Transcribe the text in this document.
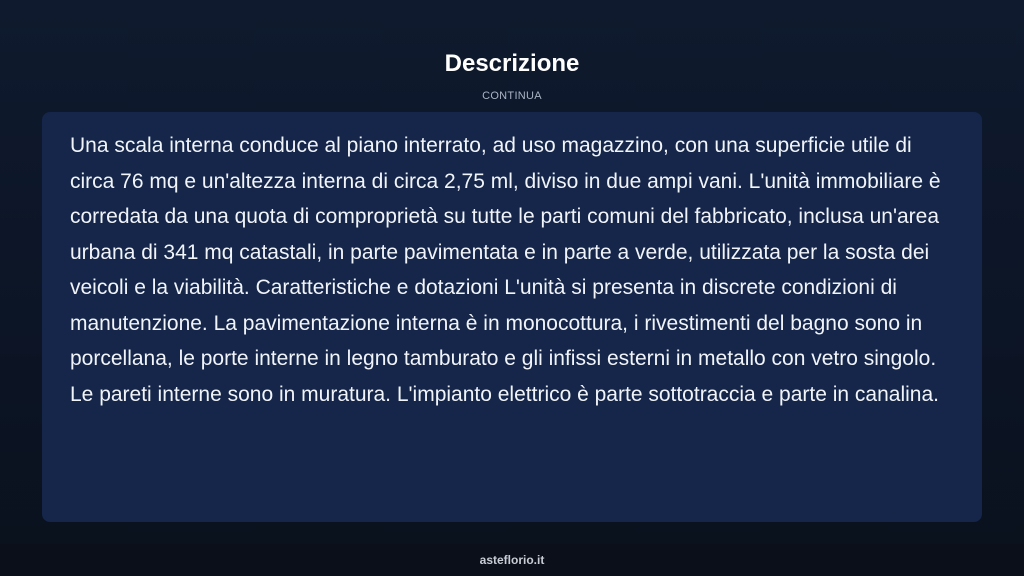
Descrizione
CONTINUA

Una scala interna conduce al piano interrato, ad uso magazzino, con una superficie utile di circa 76 mq e un'altezza interna di circa 2,75 ml, diviso in due ampi vani. L'unità immobiliare è corredata da una quota di comproprietà su tutte le parti comuni del fabbricato, inclusa un'area urbana di 341 mq catastali, in parte pavimentata e in parte a verde, utilizzata per la sosta dei veicoli e la viabilità. Caratteristiche e dotazioni L'unità si presenta in discrete condizioni di manutenzione. La pavimentazione interna è in monocottura, i rivestimenti del bagno sono in porcellana, le porte interne in legno tamburato e gli infissi esterni in metallo con vetro singolo. Le pareti interne sono in muratura. L'impianto elettrico è parte sottotraccia e parte in canalina.

asteflorio.it
